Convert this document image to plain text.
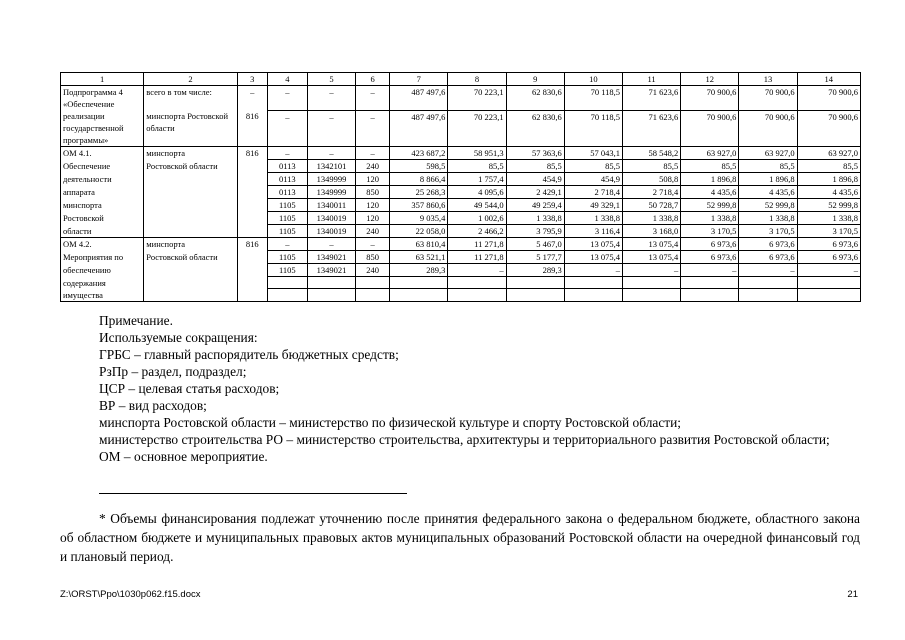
1	2	3	4	5	6	7	8	9	10	11	12	13	14
Подпрограмма 4 «Обеспечение	всего в том числе:	–	–	–	–	487 497,6	70 223,1	62 830,6	70 118,5	71 623,6	70 900,6	70 900,6	70 900,6
реализации государственной программы»	минспорта Ростовской области	816	–	–	–	487 497,6	70 223,1	62 830,6	70 118,5	71 623,6	70 900,6	70 900,6	70 900,6
ОМ 4.1.	минспорта	816	–	–	–	423 687,2	58 951,3	57 363,6	57 043,1	58 548,2	63 927,0	63 927,0	63 927,0
Обеспечение	Ростовской области		0113	1342101	240	598,5	85,5	85,5	85,5	85,5	85,5	85,5	85,5
деятельности			0113	1349999	120	8 866,4	1 757,4	454,9	454,9	508,8	1 896,8	1 896,8	1 896,8
аппарата			0113	1349999	850	25 268,3	4 095,6	2 429,1	2 718,4	2 718,4	4 435,6	4 435,6	4 435,6
минспорта			1105	1340011	120	357 860,6	49 544,0	49 259,4	49 329,1	50 728,7	52 999,8	52 999,8	52 999,8
Ростовской			1105	1340019	120	9 035,4	1 002,6	1 338,8	1 338,8	1 338,8	1 338,8	1 338,8	1 338,8
области			1105	1340019	240	22 058,0	2 466,2	3 795,9	3 116,4	3 168,0	3 170,5	3 170,5	3 170,5
ОМ 4.2.	минспорта	816	–	–	–	63 810,4	11 271,8	5 467,0	13 075,4	13 075,4	6 973,6	6 973,6	6 973,6
Мероприятия по	Ростовской области		1105	1349021	850	63 521,1	11 271,8	5 177,7	13 075,4	13 075,4	6 973,6	6 973,6	6 973,6
обеспечению			1105	1349021	240	289,3	–	289,3	–	–	–	–	–
содержания													
имущества													

Примечание.

Используемые сокращения:

ГРБС – главный распорядитель бюджетных средств;

РзПр – раздел, подраздел;

ЦСР – целевая статья расходов;

ВР – вид расходов;

минспорта Ростовской области – министерство по физической культуре и спорту Ростовской области;

министерство строительства РО – министерство строительства, архитектуры и территориального развития Ростовской области;

ОМ – основное мероприятие.

* Объемы финансирования подлежат уточнению после принятия федерального закона о федеральном бюджете, областного закона об областном бюджете и муниципальных правовых актов муниципальных образований Ростовской области на очередной финансовый год и плановый период.

Z:\ORST\Ppo\1030p062.f15.docx	21
